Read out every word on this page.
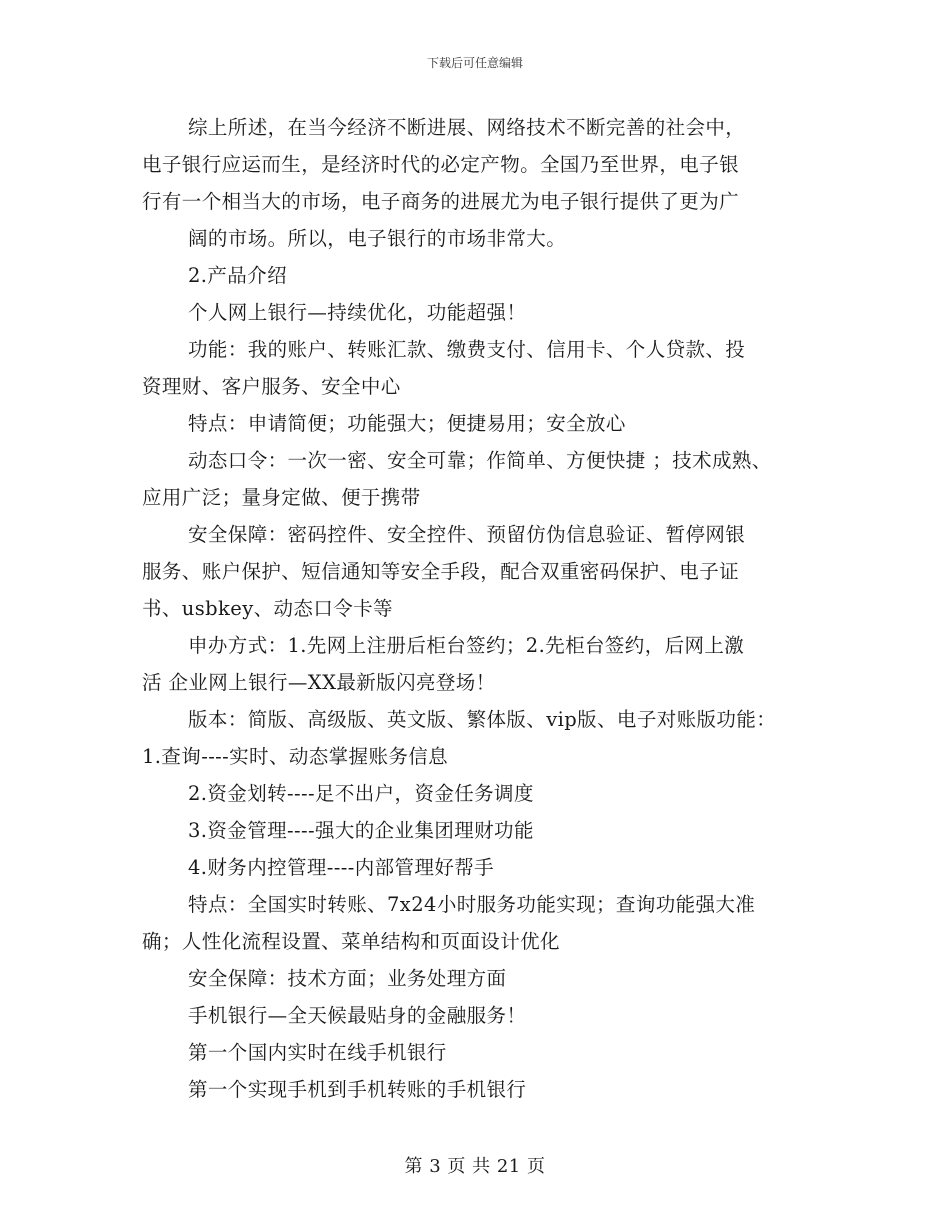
下载后可任意编辑
综上所述，在当今经济不断进展、网络技术不断完善的社会中，
电子银行应运而生，是经济时代的必定产物。全国乃至世界，电子银
行有一个相当大的市场，电子商务的进展尤为电子银行提供了更为广
阔的市场。所以，电子银行的市场非常大。
2.产品介绍
个人网上银行—持续优化，功能超强！
功能：我的账户、转账汇款、缴费支付、信用卡、个人贷款、投
资理财、客户服务、安全中心
特点：申请简便；功能强大；便捷易用；安全放心
动态口令：一次一密、安全可靠；作简单、方便快捷 ；技术成熟、
应用广泛；量身定做、便于携带
安全保障：密码控件、安全控件、预留仿伪信息验证、暂停网银
服务、账户保护、短信通知等安全手段，配合双重密码保护、电子证
书、usbkey、动态口令卡等
申办方式：1.先网上注册后柜台签约；2.先柜台签约，后网上激
活 企业网上银行—XX最新版闪亮登场！
版本：简版、高级版、英文版、繁体版、vip版、电子对账版功能：
1.查询----实时、动态掌握账务信息
2.资金划转----足不出户，资金任务调度
3.资金管理----强大的企业集团理财功能
4.财务内控管理----内部管理好帮手
特点：全国实时转账、7x24小时服务功能实现；查询功能强大准
确；人性化流程设置、菜单结构和页面设计优化
安全保障：技术方面；业务处理方面
手机银行—全天候最贴身的金融服务！
第一个国内实时在线手机银行
第一个实现手机到手机转账的手机银行
第 3 页 共 21 页
